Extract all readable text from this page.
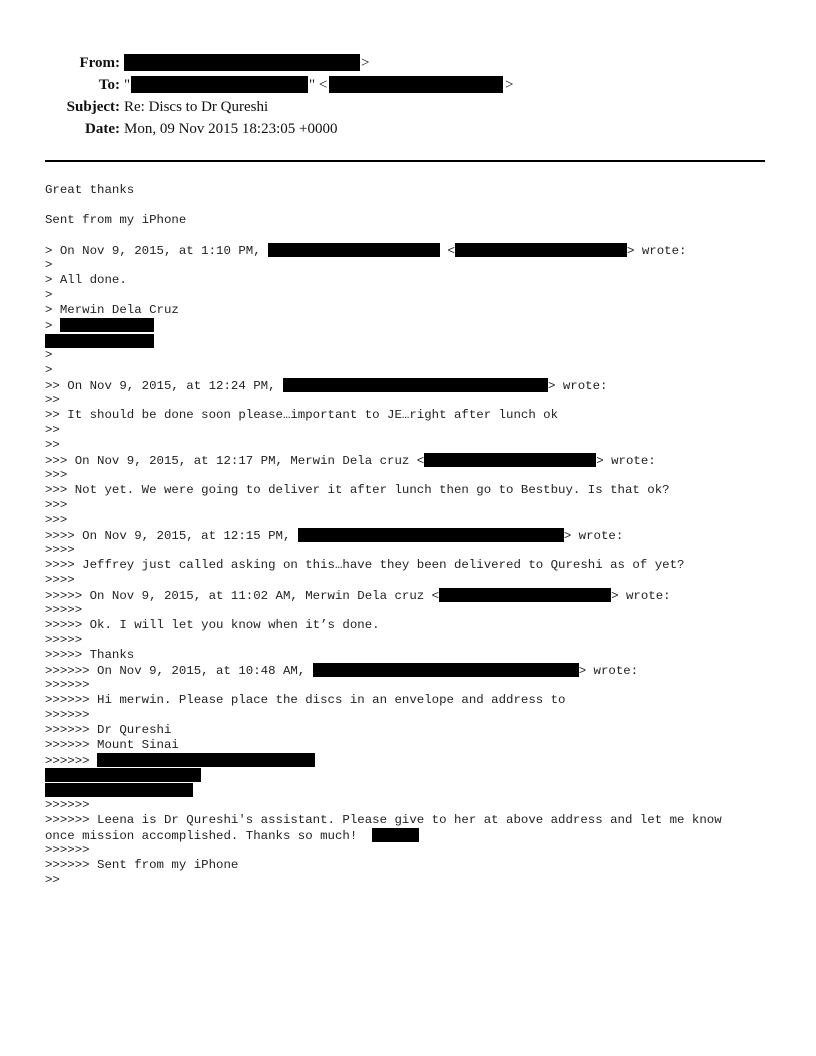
From:	>
To: "	" <	>
Subject: Re: Discs to Dr Qureshi
Date: Mon, 09 Nov 2015 18:23:05 +0000
Great thanks
Sent from my iPhone
> On Nov 9, 2015, at 1:10 PM,	<	> wrote:
>
> All done.
>
> Merwin Dela Cruz
>
>
>
>> On Nov 9, 2015, at 12:24 PM,	> wrote:
>>
>> It should be done soon please…important to JE…right after lunch ok
>>
>>
>>> On Nov 9, 2015, at 12:17 PM, Merwin Dela cruz <	> wrote:
>>>
>>> Not yet. We were going to deliver it after lunch then go to Bestbuy. Is that ok?
>>>
>>>
>>>> On Nov 9, 2015, at 12:15 PM,	> wrote:
>>>>
>>>> Jeffrey just called asking on this…have they been delivered to Qureshi as of yet?
>>>>
>>>>> On Nov 9, 2015, at 11:02 AM, Merwin Dela cruz <	> wrote:
>>>>>
>>>>> Ok. I will let you know when it’s done.
>>>>>
>>>>> Thanks
>>>>>> On Nov 9, 2015, at 10:48 AM,	> wrote:
>>>>>>
>>>>>> Hi merwin. Please place the discs in an envelope and address to
>>>>>>
>>>>>> Dr Qureshi
>>>>>> Mount Sinai
>>>>>>
>>>>>>
>>>>>> Leena is Dr Qureshi's assistant. Please give to her at above address and let me know
once mission accomplished. Thanks so much!
>>>>>>
>>>>>> Sent from my iPhone
>>
